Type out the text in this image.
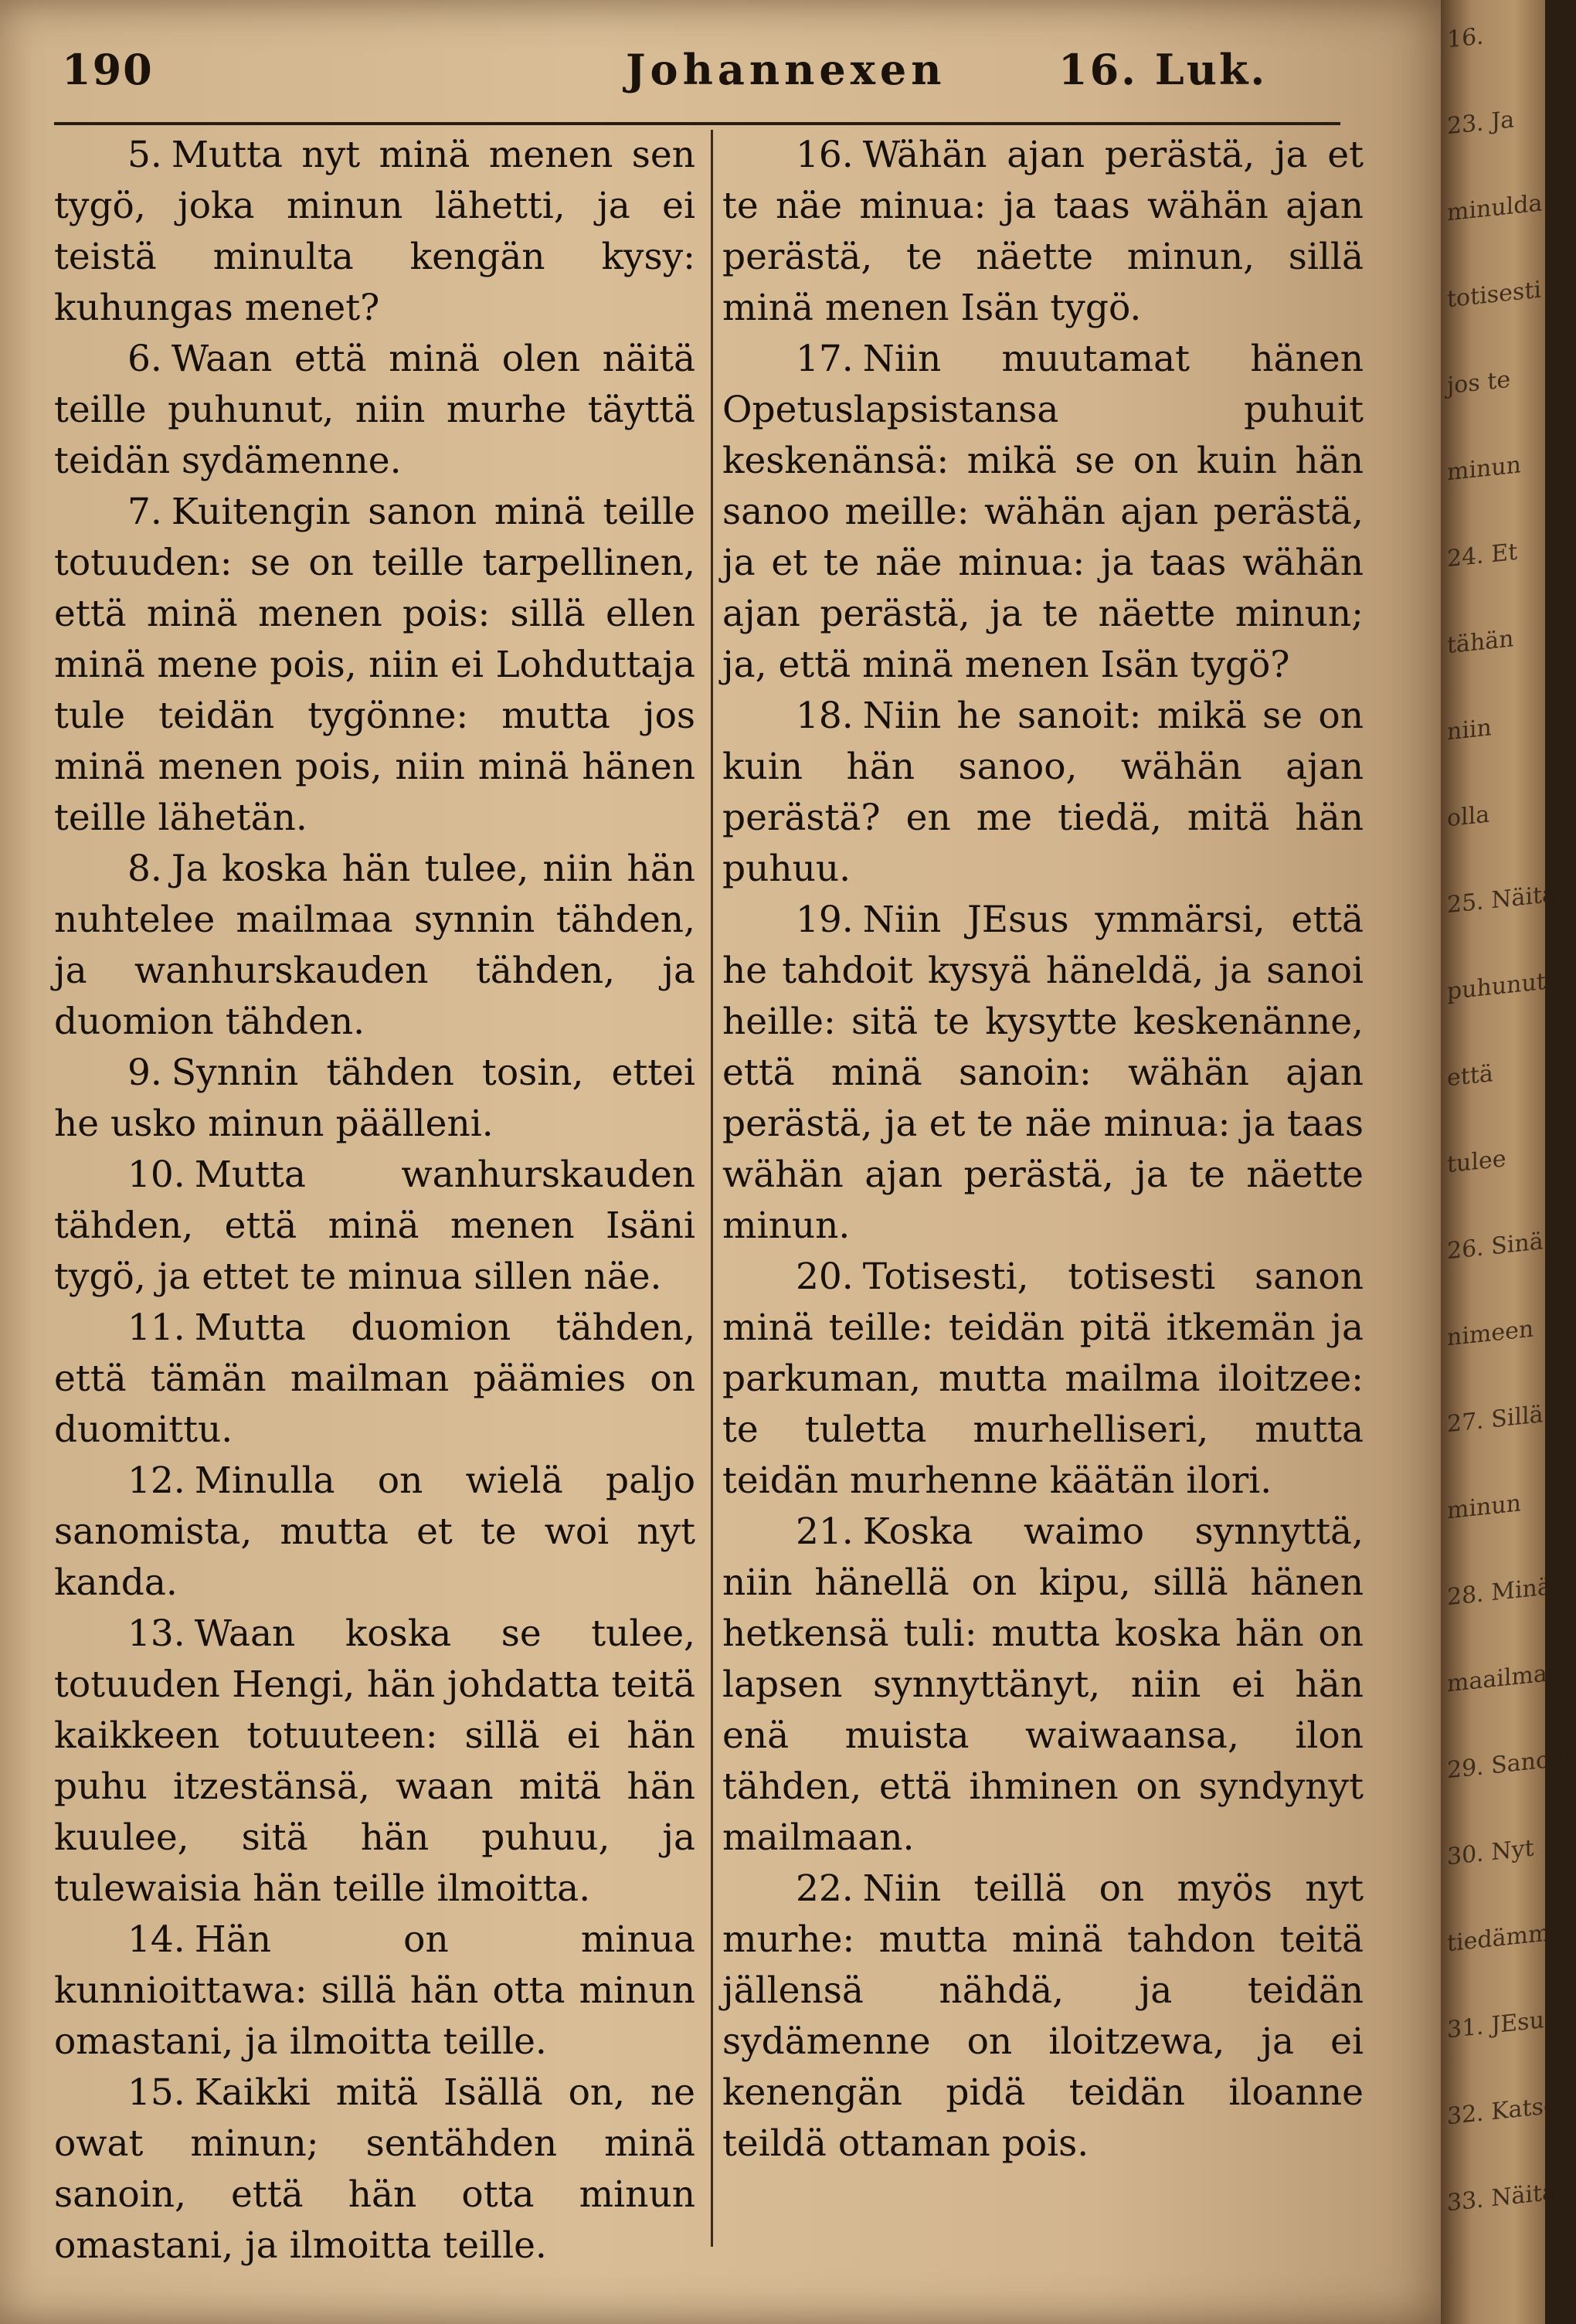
190	Johannexen	16. Luk.

5. Mutta nyt minä menen sen tygö, joka minun lähetti, ja ei teistä minulta kengän kysy: kuhungas menet?

6. Waan että minä olen näitä teille puhunut, niin murhe täyttä teidän sydämenne.

7. Kuitengin sanon minä teille totuuden: se on teille tarpellinen, että minä menen pois: sillä ellen minä mene pois, niin ei Lohduttaja tule teidän tygönne: mutta jos minä menen pois, niin minä hänen teille lähetän.

8. Ja koska hän tulee, niin hän nuhtelee mailmaa synnin tähden, ja wanhurskauden tähden, ja duomion tähden.

9. Synnin tähden tosin, ettei he usko minun päälleni.

10. Mutta wanhurskauden tähden, että minä menen Isäni tygö, ja ettet te minua sillen näe.

11. Mutta duomion tähden, että tämän mailman päämies on duomittu.

12. Minulla on wielä paljo sanomista, mutta et te woi nyt kanda.

13. Waan koska se tulee, totuuden Hengi, hän johdatta teitä kaikkeen totuuteen: sillä ei hän puhu itzestänsä, waan mitä hän kuulee, sitä hän puhuu, ja tulewaisia hän teille ilmoitta.

14. Hän on minua kunnioittawa: sillä hän otta minun omastani, ja ilmoitta teille.

15. Kaikki mitä Isällä on, ne owat minun; sentähden minä sanoin, että hän otta minun omastani, ja ilmoitta teille.

16. Wähän ajan perästä, ja et te näe minua: ja taas wähän ajan perästä, te näette minun, sillä minä menen Isän tygö.

17. Niin muutamat hänen Opetuslapsistansa puhuit keskenänsä: mikä se on kuin hän sanoo meille: wähän ajan perästä, ja et te näe minua: ja taas wähän ajan perästä, ja te näette minun; ja, että minä menen Isän tygö?

18. Niin he sanoit: mikä se on kuin hän sanoo, wähän ajan perästä? en me tiedä, mitä hän puhuu.

19. Niin JEsus ymmärsi, että he tahdoit kysyä häneldä, ja sanoi heille: sitä te kysytte keskenänne, että minä sanoin: wähän ajan perästä, ja et te näe minua: ja taas wähän ajan perästä, ja te näette minun.

20. Totisesti, totisesti sanon minä teille: teidän pitä itkemän ja parkuman, mutta mailma iloitzee: te tuletta murhelliseri, mutta teidän murhenne käätän ilori.

21. Koska waimo synnyttä, niin hänellä on kipu, sillä hänen hetkensä tuli: mutta koska hän on lapsen synnyttänyt, niin ei hän enä muista waiwaansa, ilon tähden, että ihminen on syndynyt mailmaan.

22. Niin teillä on myös nyt murhe: mutta minä tahdon teitä jällensä nähdä, ja teidän sydämenne on iloitzewa, ja ei kenengän pidä teidän iloanne teildä ottaman pois.

16.
23. Ja
minulda
totisesti
jos te
minun
24. Et
tähän
niin
olla
25. Näitä
puhunut
että
tulee
26. Sinä
nimeen
27. Sillä
minun
28. Minä
maailmaan
29. Sanoit
30. Nyt
tiedämme
31. JEsus
32. Katso
33. Näitä
